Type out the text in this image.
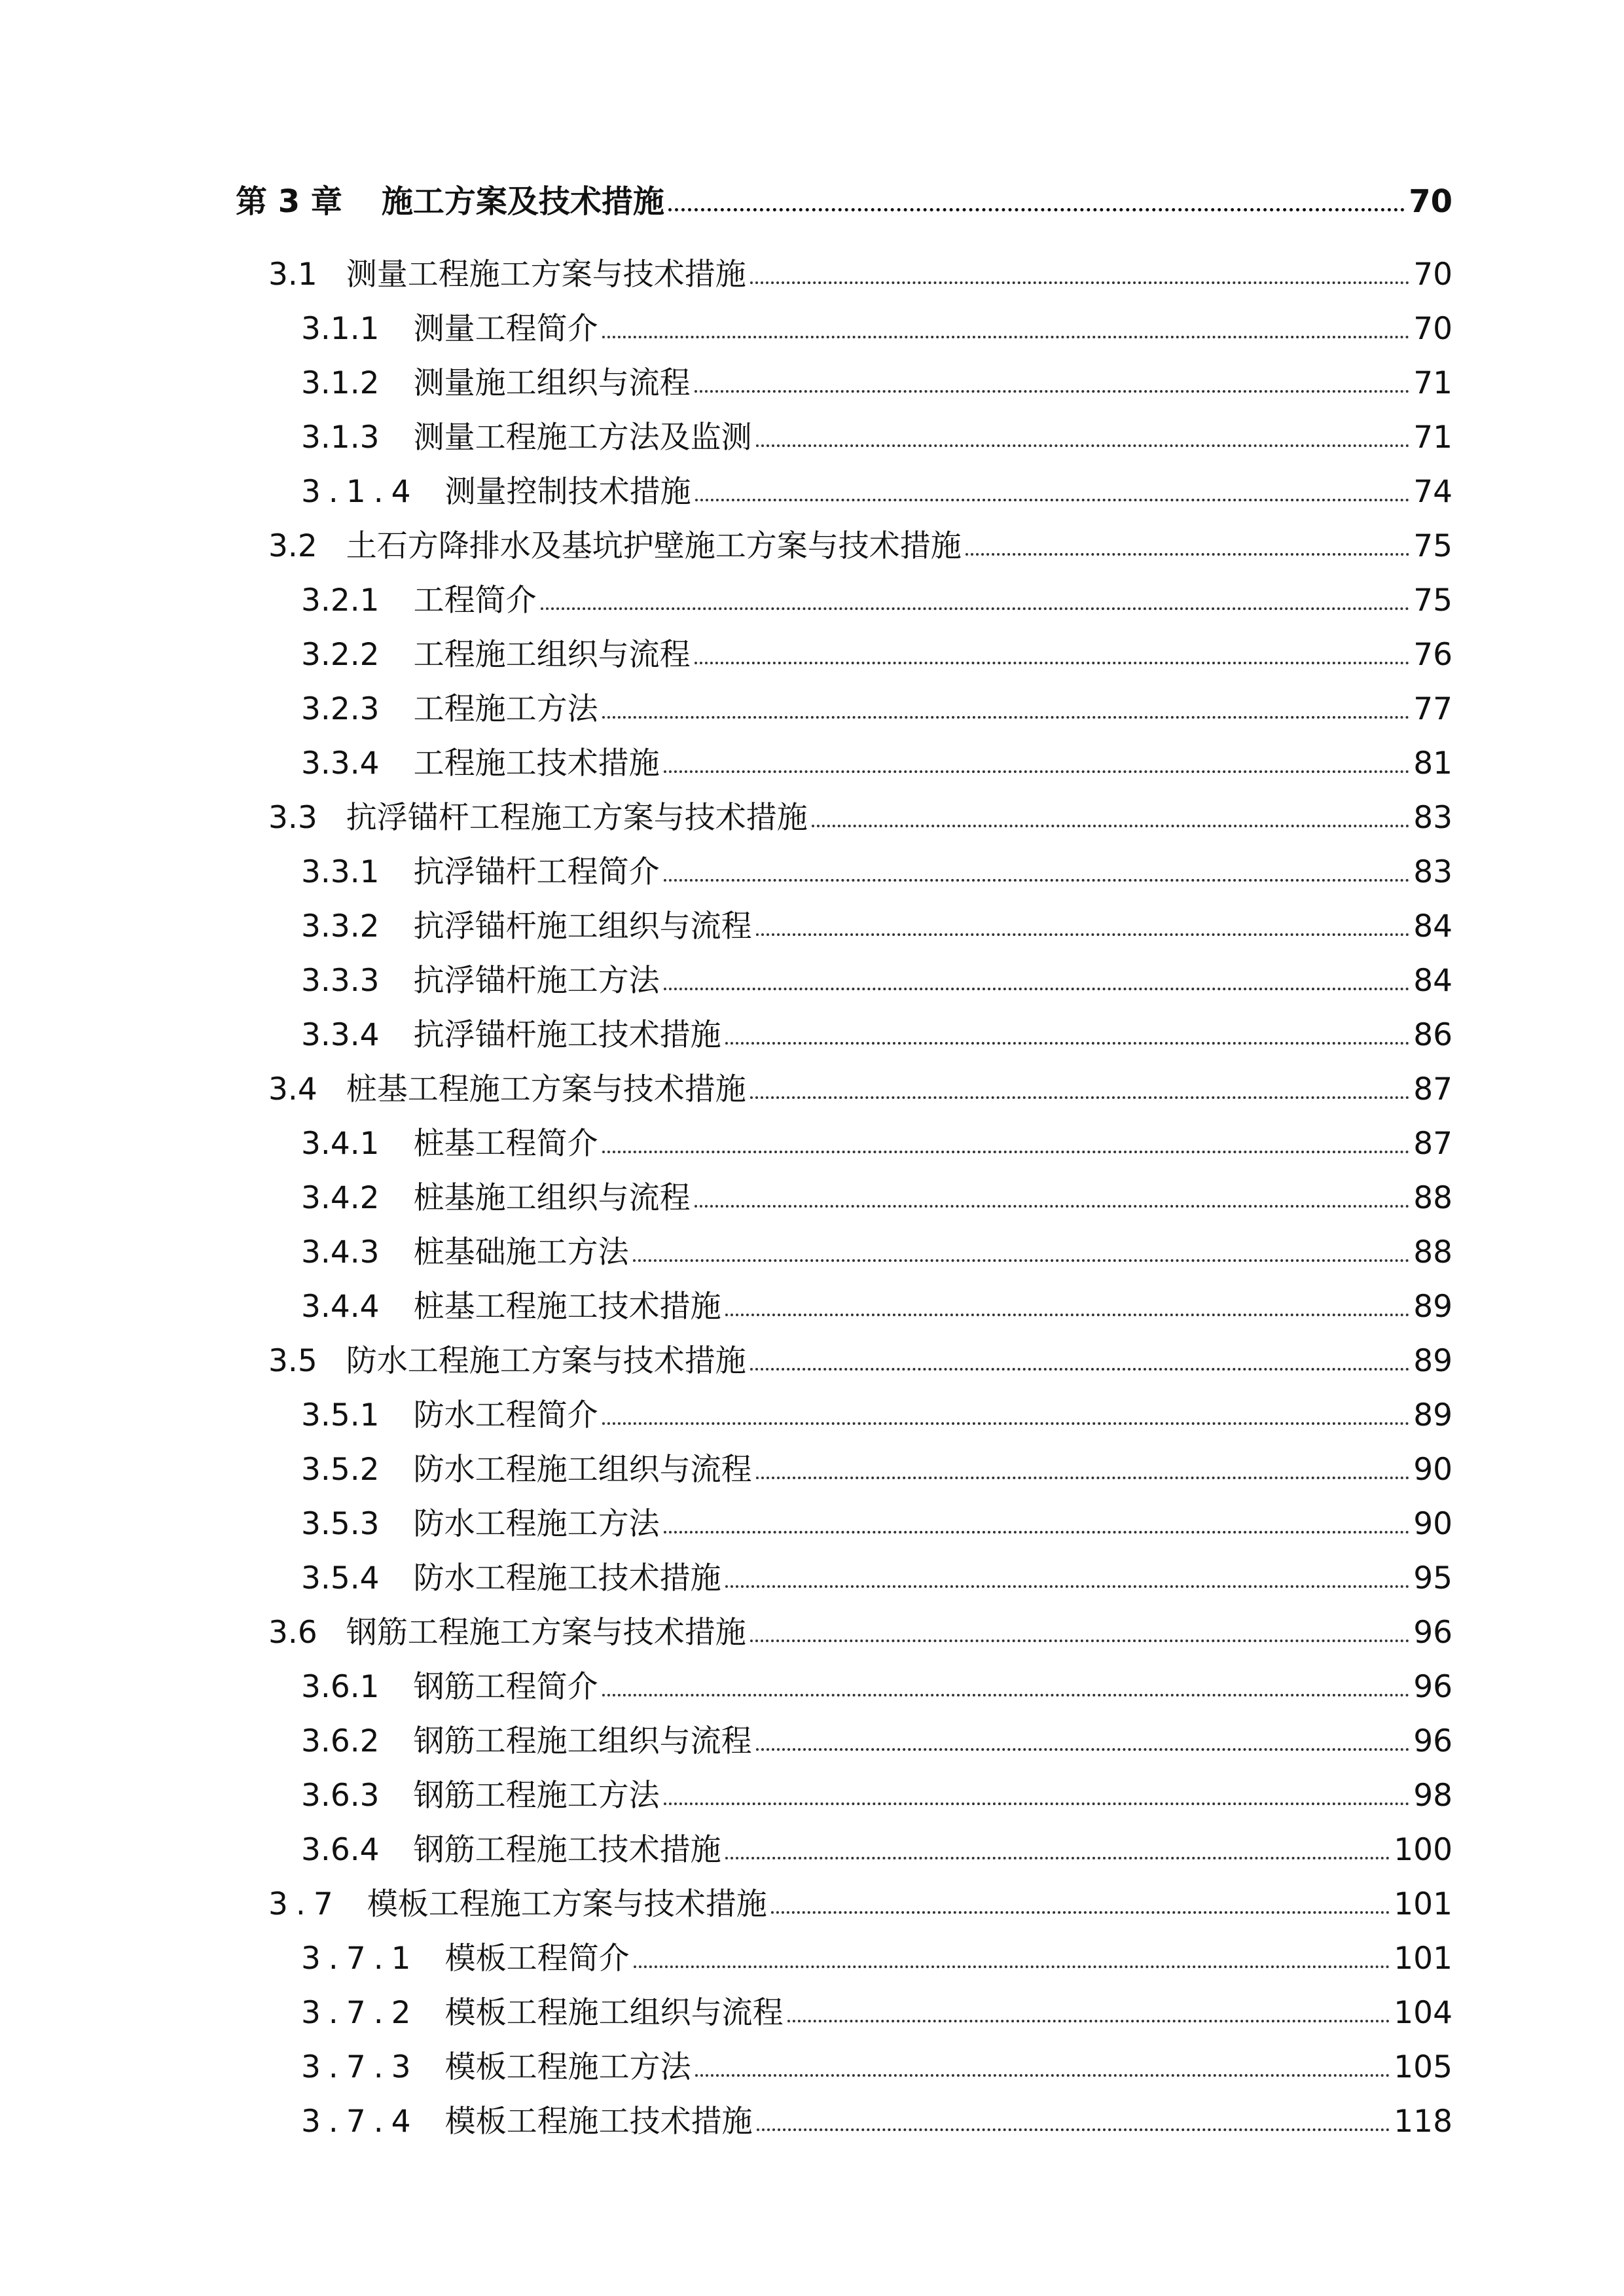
第 3 章 施工方案及技术措施	70
3.1 测量工程施工方案与技术措施	70
3.1.1 测量工程简介	70
3.1.2 测量施工组织与流程	71
3.1.3 测量工程施工方法及监测	71
3.1.4 测量控制技术措施	74
3.2 土石方降排水及基坑护壁施工方案与技术措施	75
3.2.1 工程简介	75
3.2.2 工程施工组织与流程	76
3.2.3 工程施工方法	77
3.3.4 工程施工技术措施	81
3.3 抗浮锚杆工程施工方案与技术措施	83
3.3.1 抗浮锚杆工程简介	83
3.3.2 抗浮锚杆施工组织与流程	84
3.3.3 抗浮锚杆施工方法	84
3.3.4 抗浮锚杆施工技术措施	86
3.4 桩基工程施工方案与技术措施	87
3.4.1 桩基工程简介	87
3.4.2 桩基施工组织与流程	88
3.4.3 桩基础施工方法	88
3.4.4 桩基工程施工技术措施	89
3.5 防水工程施工方案与技术措施	89
3.5.1 防水工程简介	89
3.5.2 防水工程施工组织与流程	90
3.5.3 防水工程施工方法	90
3.5.4 防水工程施工技术措施	95
3.6 钢筋工程施工方案与技术措施	96
3.6.1 钢筋工程简介	96
3.6.2 钢筋工程施工组织与流程	96
3.6.3 钢筋工程施工方法	98
3.6.4 钢筋工程施工技术措施	100
3.7 模板工程施工方案与技术措施	101
3.7.1 模板工程简介	101
3.7.2 模板工程施工组织与流程	104
3.7.3 模板工程施工方法	105
3.7.4 模板工程施工技术措施	118
